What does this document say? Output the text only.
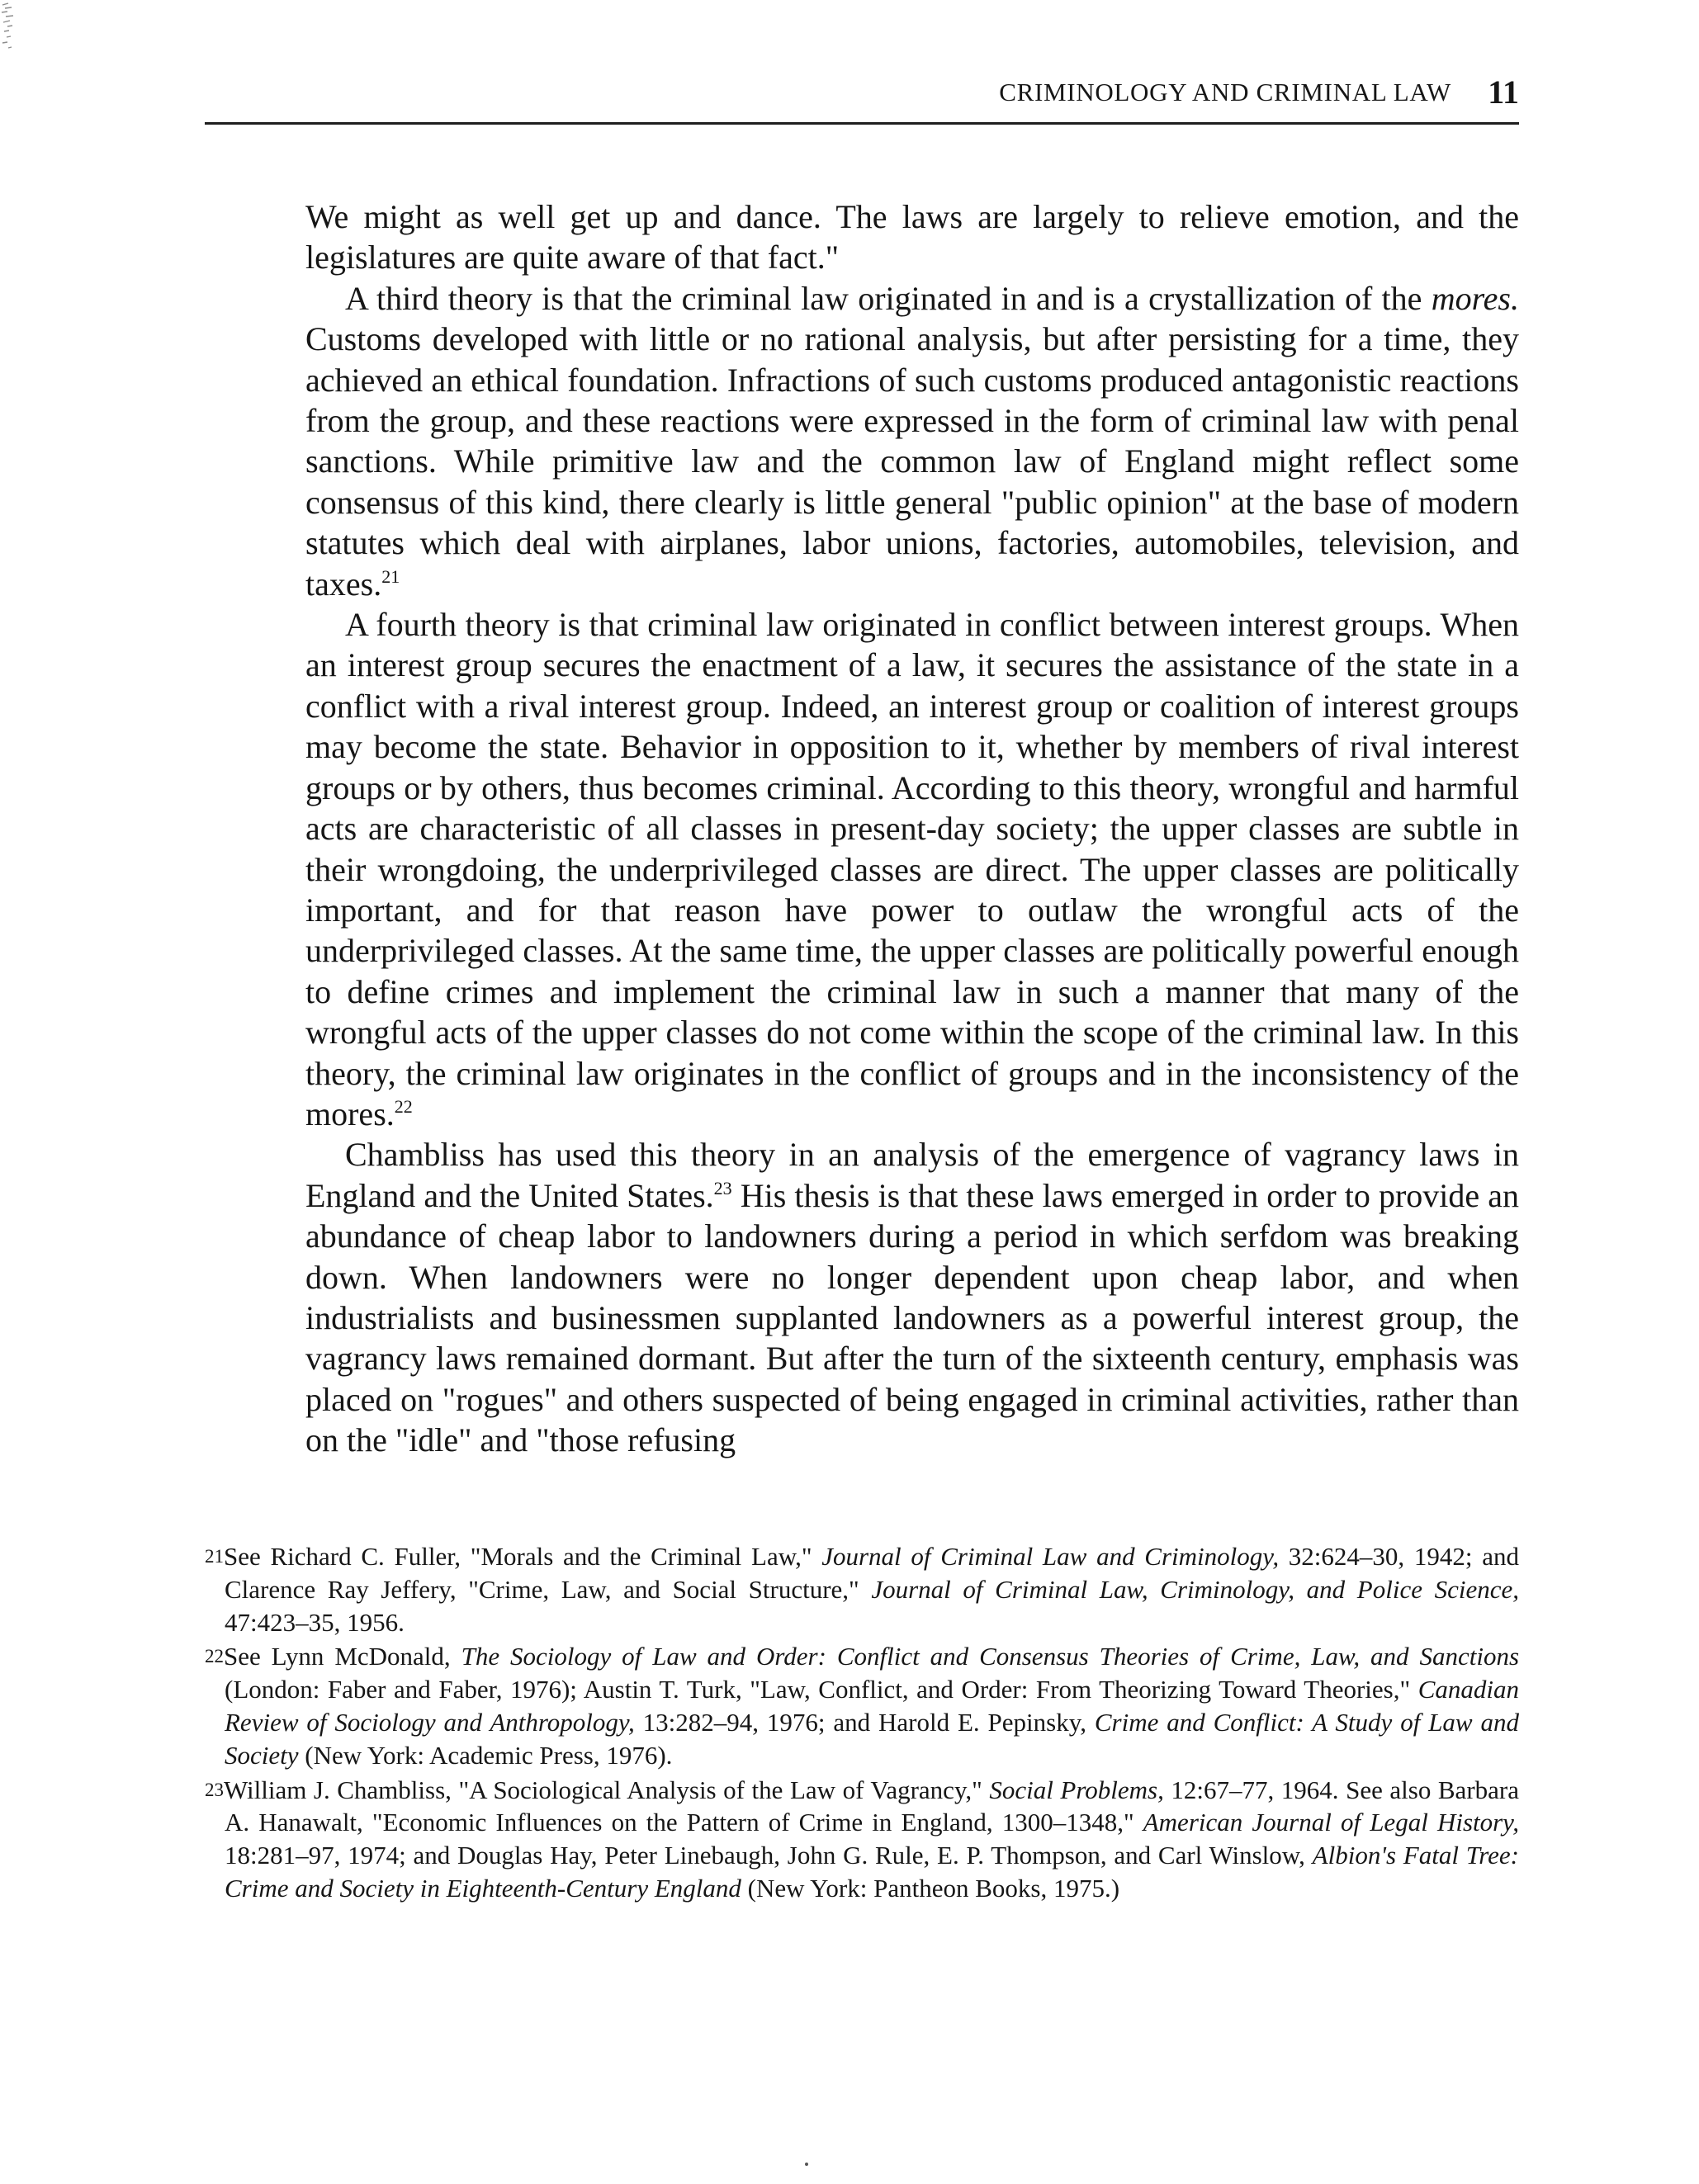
CRIMINOLOGY AND CRIMINAL LAW 11

We might as well get up and dance. The laws are largely to relieve emotion, and the legislatures are quite aware of that fact."

A third theory is that the criminal law originated in and is a crystallization of the mores. Customs developed with little or no rational analysis, but after persisting for a time, they achieved an ethical foundation. Infractions of such customs produced antagonistic reactions from the group, and these reactions were expressed in the form of criminal law with penal sanctions. While primitive law and the common law of England might reflect some consensus of this kind, there clearly is little general "public opinion" at the base of modern statutes which deal with airplanes, labor unions, factories, automobiles, television, and taxes.$^{21}$

A fourth theory is that criminal law originated in conflict between interest groups. When an interest group secures the enactment of a law, it secures the assistance of the state in a conflict with a rival interest group. Indeed, an interest group or coalition of interest groups may become the state. Behavior in opposition to it, whether by members of rival interest groups or by others, thus becomes criminal. According to this theory, wrongful and harmful acts are characteristic of all classes in present-day society; the upper classes are subtle in their wrongdoing, the underprivileged classes are direct. The upper classes are politically important, and for that reason have power to outlaw the wrongful acts of the underprivileged classes. At the same time, the upper classes are politically powerful enough to define crimes and implement the criminal law in such a manner that many of the wrongful acts of the upper classes do not come within the scope of the criminal law. In this theory, the criminal law originates in the conflict of groups and in the inconsistency of the mores.$^{22}$

Chambliss has used this theory in an analysis of the emergence of vagrancy laws in England and the United States.$^{23}$ His thesis is that these laws emerged in order to provide an abundance of cheap labor to landowners during a period in which serfdom was breaking down. When landowners were no longer dependent upon cheap labor, and when industrialists and businessmen supplanted landowners as a powerful interest group, the vagrancy laws remained dormant. But after the turn of the sixteenth century, emphasis was placed on "rogues" and others suspected of being engaged in criminal activities, rather than on the "idle" and "those refusing

21See Richard C. Fuller, "Morals and the Criminal Law," Journal of Criminal Law and Criminology, 32:624–30, 1942; and Clarence Ray Jeffery, "Crime, Law, and Social Structure," Journal of Criminal Law, Criminology, and Police Science, 47:423–35, 1956.

22See Lynn McDonald, The Sociology of Law and Order: Conflict and Consensus Theories of Crime, Law, and Sanctions (London: Faber and Faber, 1976); Austin T. Turk, "Law, Conflict, and Order: From Theorizing Toward Theories," Canadian Review of Sociology and Anthropology, 13:282–94, 1976; and Harold E. Pepinsky, Crime and Conflict: A Study of Law and Society (New York: Academic Press, 1976).

23William J. Chambliss, "A Sociological Analysis of the Law of Vagrancy," Social Problems, 12:67–77, 1964. See also Barbara A. Hanawalt, "Economic Influences on the Pattern of Crime in England, 1300–1348," American Journal of Legal History, 18:281–97, 1974; and Douglas Hay, Peter Linebaugh, John G. Rule, E. P. Thompson, and Carl Winslow, Albion's Fatal Tree: Crime and Society in Eighteenth-Century England (New York: Pantheon Books, 1975.)
